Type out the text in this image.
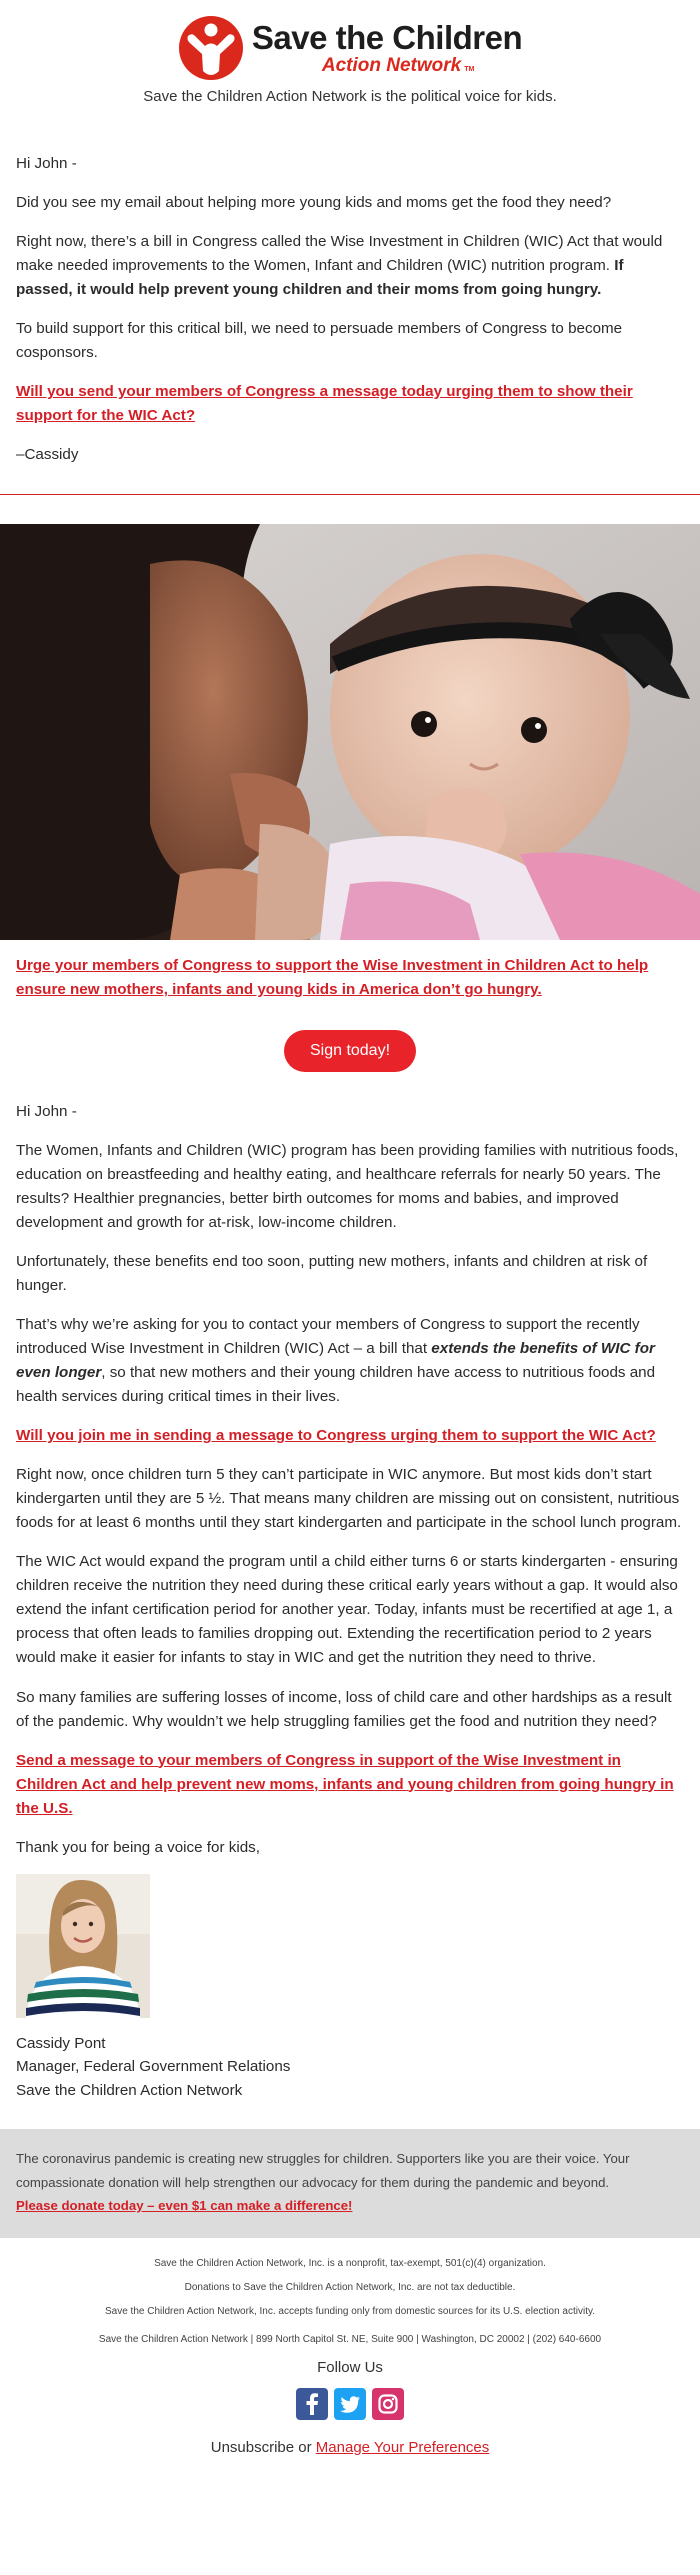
Save the Children
Action Network TM
Save the Children Action Network is the political voice for kids.

Hi John -

Did you see my email about helping more young kids and moms get the food they need?

Right now, there’s a bill in Congress called the Wise Investment in Children (WIC) Act that would make needed improvements to the Women, Infant and Children (WIC) nutrition program. If passed, it would help prevent young children and their moms from going hungry.

To build support for this critical bill, we need to persuade members of Congress to become cosponsors.

Will you send your members of Congress a message today urging them to show their support for the WIC Act?

–Cassidy

Urge your members of Congress to support the Wise Investment in Children Act to help ensure new mothers, infants and young kids in America don’t go hungry.

Sign today!

Hi John -

The Women, Infants and Children (WIC) program has been providing families with nutritious foods, education on breastfeeding and healthy eating, and healthcare referrals for nearly 50 years. The results? Healthier pregnancies, better birth outcomes for moms and babies, and improved development and growth for at-risk, low-income children.

Unfortunately, these benefits end too soon, putting new mothers, infants and children at risk of hunger.

That’s why we’re asking for you to contact your members of Congress to support the recently introduced Wise Investment in Children (WIC) Act – a bill that extends the benefits of WIC for even longer, so that new mothers and their young children have access to nutritious foods and health services during critical times in their lives.

Will you join me in sending a message to Congress urging them to support the WIC Act?

Right now, once children turn 5 they can’t participate in WIC anymore. But most kids don’t start kindergarten until they are 5 ½. That means many children are missing out on consistent, nutritious foods for at least 6 months until they start kindergarten and participate in the school lunch program.

The WIC Act would expand the program until a child either turns 6 or starts kindergarten - ensuring children receive the nutrition they need during these critical early years without a gap. It would also extend the infant certification period for another year. Today, infants must be recertified at age 1, a process that often leads to families dropping out. Extending the recertification period to 2 years would make it easier for infants to stay in WIC and get the nutrition they need to thrive.

So many families are suffering losses of income, loss of child care and other hardships as a result of the pandemic. Why wouldn’t we help struggling families get the food and nutrition they need?

Send a message to your members of Congress in support of the Wise Investment in Children Act and help prevent new moms, infants and young children from going hungry in the U.S.

Thank you for being a voice for kids,

Cassidy Pont

Manager, Federal Government Relations

Save the Children Action Network

The coronavirus pandemic is creating new struggles for children. Supporters like you are their voice. Your compassionate donation will help strengthen our advocacy for them during the pandemic and beyond.

Please donate today – even $1 can make a difference!

Save the Children Action Network, Inc. is a nonprofit, tax-exempt, 501(c)(4) organization.
Donations to Save the Children Action Network, Inc. are not tax deductible.
Save the Children Action Network, Inc. accepts funding only from domestic sources for its U.S. election activity.
Save the Children Action Network | 899 North Capitol St. NE, Suite 900 | Washington, DC 20002 | (202) 640-6600
Follow Us
Unsubscribe or Manage Your Preferences
